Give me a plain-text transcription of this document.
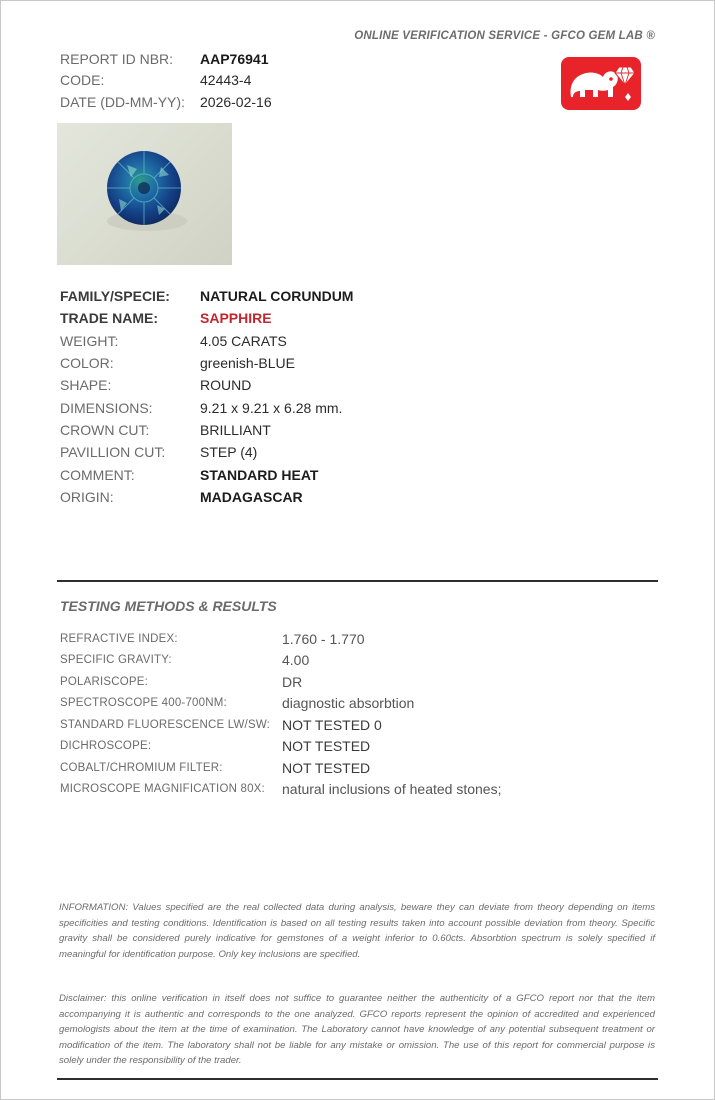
ONLINE VERIFICATION SERVICE - GFCO GEM LAB ®
REPORT ID NBR:	AAP76941
CODE:	42443-4
DATE (DD-MM-YY):	2026-02-16
FAMILY/SPECIE:	NATURAL CORUNDUM
TRADE NAME:	SAPPHIRE
WEIGHT:	4.05 CARATS
COLOR:	greenish-BLUE
SHAPE:	ROUND
DIMENSIONS:	9.21 x 9.21 x 6.28 mm.
CROWN CUT:	BRILLIANT
PAVILLION CUT:	STEP (4)
COMMENT:	STANDARD HEAT
ORIGIN:	MADAGASCAR
TESTING METHODS & RESULTS
REFRACTIVE INDEX:	1.760 - 1.770
SPECIFIC GRAVITY:	4.00
POLARISCOPE:	DR
SPECTROSCOPE 400-700NM:	diagnostic absorbtion
STANDARD FLUORESCENCE LW/SW: NOT TESTED 0
DICHROSCOPE:	NOT TESTED
COBALT/CHROMIUM FILTER:	NOT TESTED
MICROSCOPE MAGNIFICATION 80X:	natural inclusions of heated stones;
INFORMATION: Values specified are the real collected data during analysis, beware they can deviate from theory depending on items specificities and testing conditions. Identification is based on all testing results taken into account possible deviation from theory. Specific gravity shall be considered purely indicative for gemstones of a weight inferior to 0.60cts. Absorbtion spectrum is solely specified if meaningful for identification purpose. Only key inclusions are specified.
Disclaimer: this online verification in itself does not suffice to guarantee neither the authenticity of a GFCO report nor that the item accompanying it is authentic and corresponds to the one analyzed. GFCO reports represent the opinion of accredited and experienced gemologists about the item at the time of examination. The Laboratory cannot have knowledge of any potential subsequent treatment or modification of the item. The laboratory shall not be liable for any mistake or omission. The use of this report for commercial purpose is solely under the responsibility of the trader.
